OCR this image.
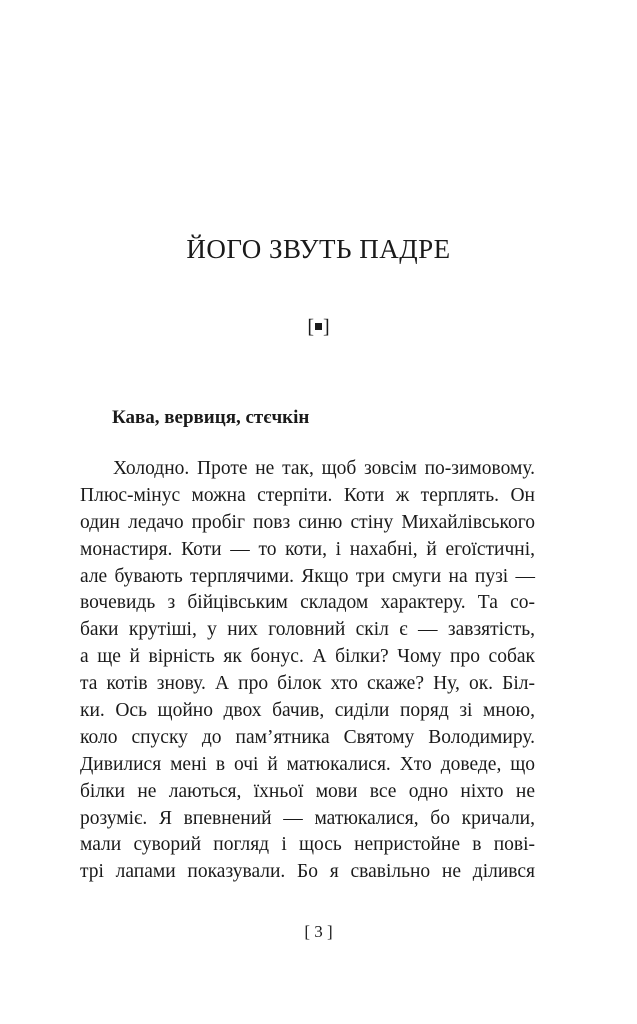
ЙОГО ЗВУТЬ ПАДРЕ
[ ]
Кава, вервиця, стєчкін
Холодно. Проте не так, щоб зовсім по-зимовому.
Плюс-мінус можна стерпіти. Коти ж терплять. Он
один ледачо пробіг повз синю стіну Михайлівського
монастиря. Коти — то коти, і нахабні, й егоїстичні,
але бувають терплячими. Якщо три смуги на пузі —
вочевидь з бійцівським складом характеру. Та со-
баки крутіші, у них головний скіл є — завзятість,
а ще й вірність як бонус. А білки? Чому про собак
та котів знову. А про білок хто скаже? Ну, ок. Біл-
ки. Ось щойно двох бачив, сиділи поряд зі мною,
коло спуску до пам’ятника Святому Володимиру.
Дивилися мені в очі й матюкалися. Хто доведе, що
білки не лаються, їхньої мови все одно ніхто не
розуміє. Я впевнений — матюкалися, бо кричали,
мали суворий погляд і щось непристойне в пові-
трі лапами показували. Бо я свавільно не ділився
[ 3 ]
